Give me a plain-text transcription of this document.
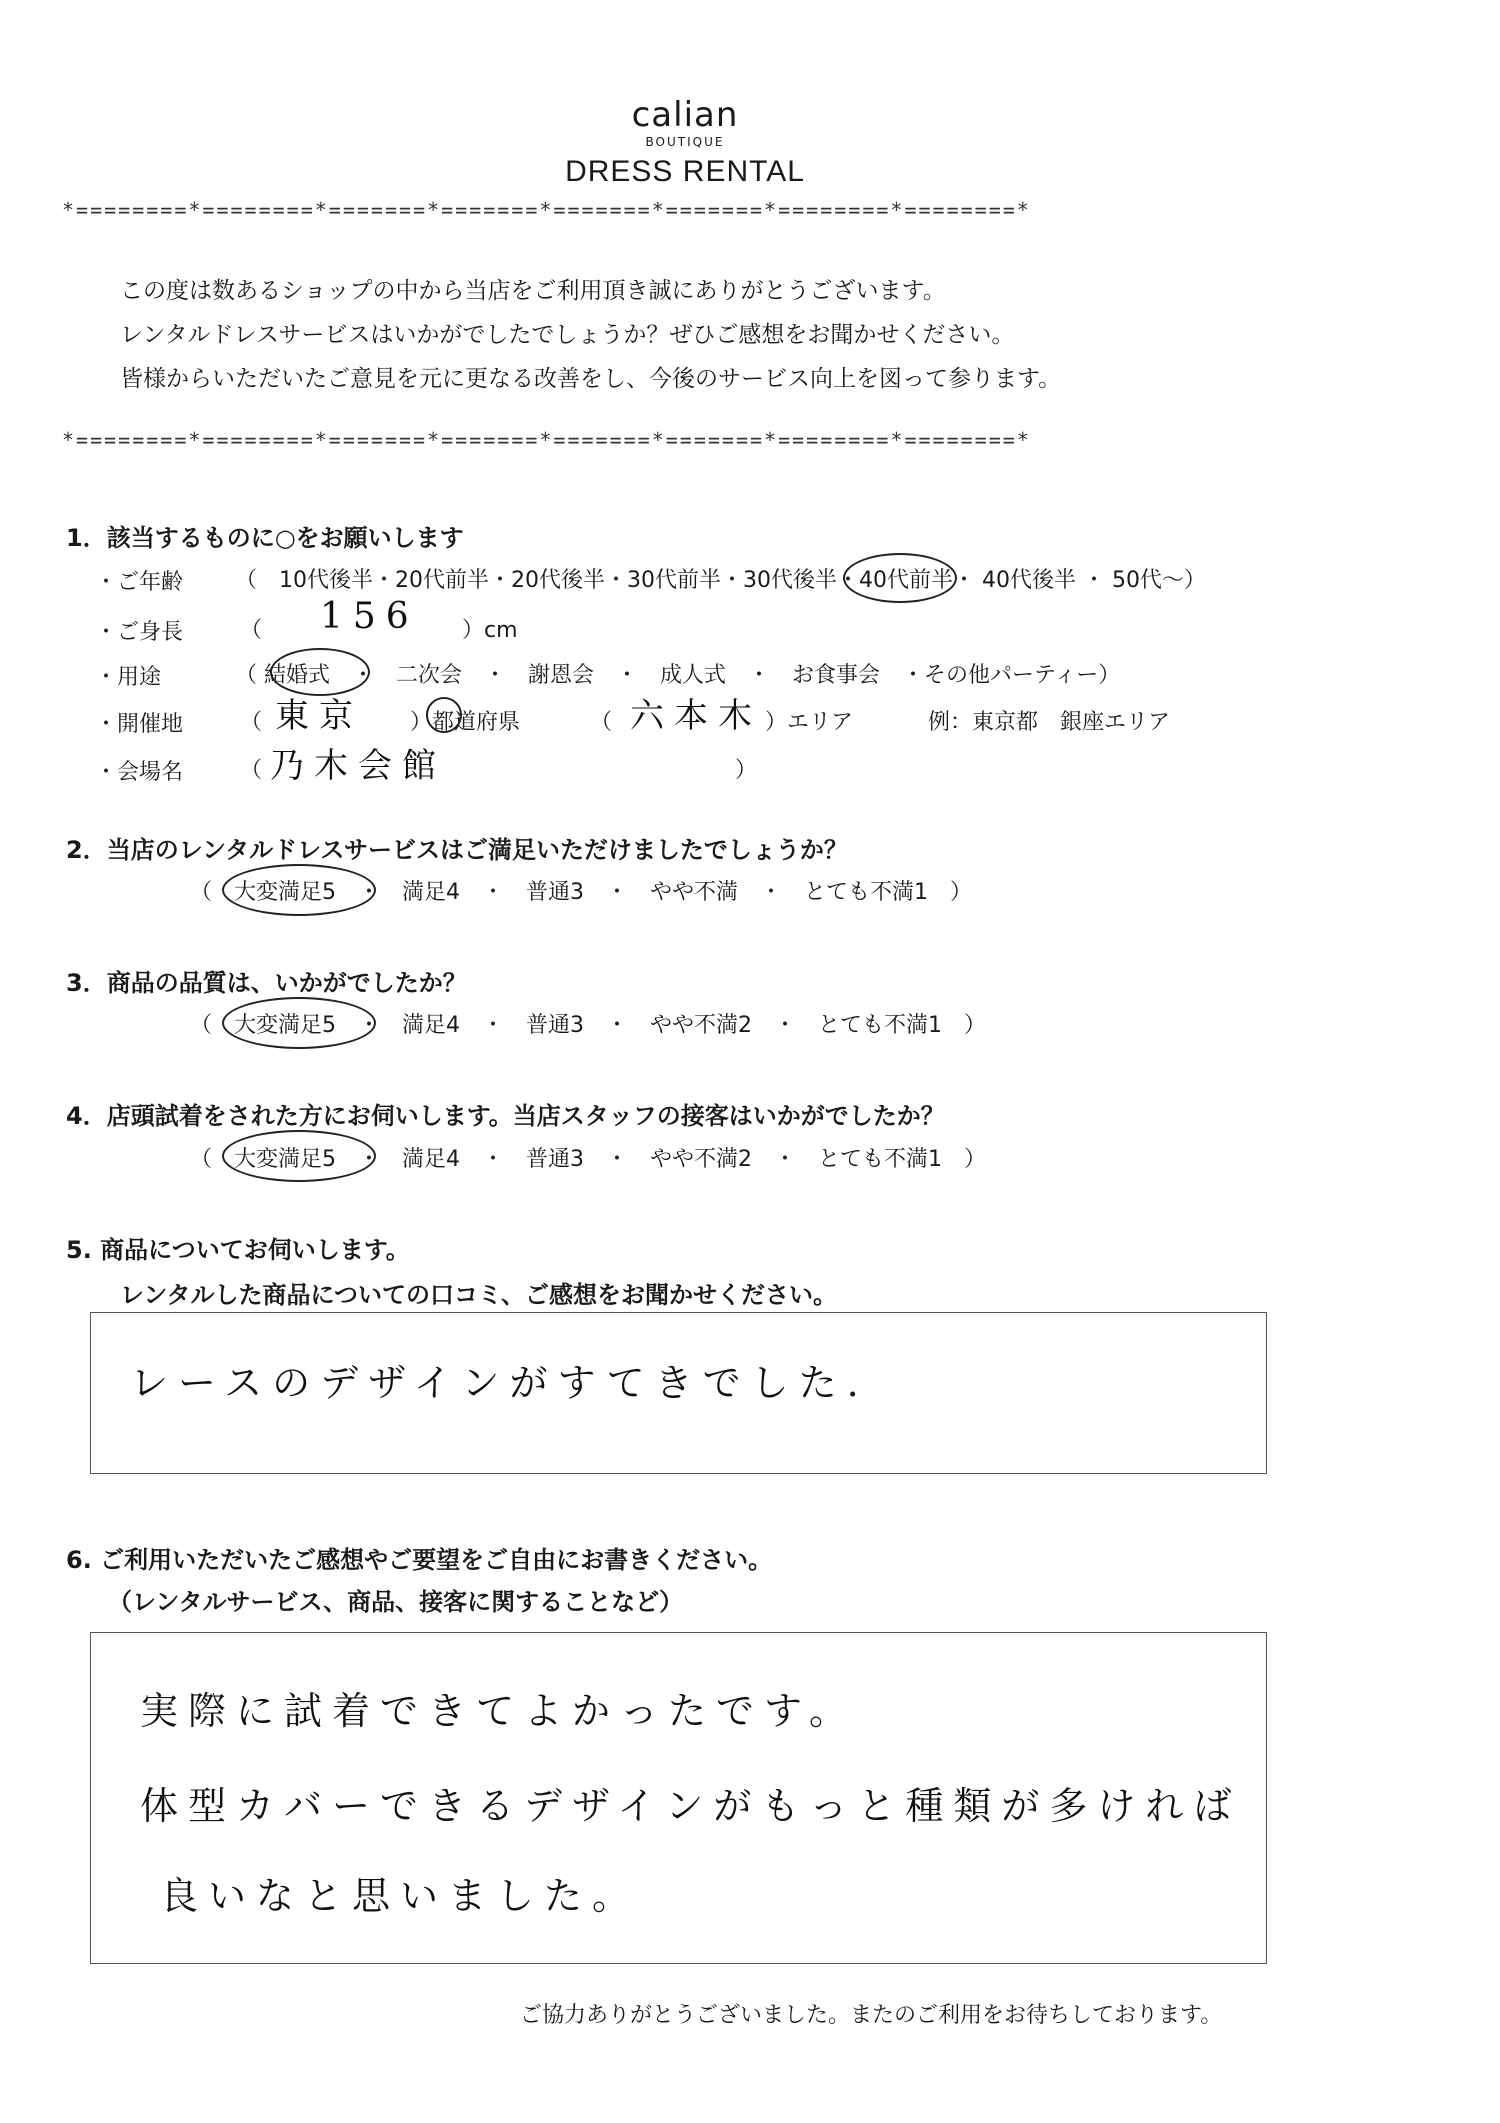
calian
BOUTIQUE
DRESS RENTAL
*========*========*=======*=======*=======*=======*========*========*
この度は数あるショップの中から当店をご利用頂き誠にありがとうございます。
レンタルドレスサービスはいかがでしたでしょうか？ぜひご感想をお聞かせください。
皆様からいただいたご意見を元に更なる改善をし、今後のサービス向上を図って参ります。
*========*========*=======*=======*=======*=======*========*========*
1．該当するものに○をお願いします
・ご年齢 （　10代後半・20代前半・20代後半・30代前半・30代後半・40代前半・ 40代後半 ・ 50代～）
・ご身長	（ 156 ）cm
・用途	（ 結婚式　・　二次会　・　謝恩会　・　成人式　・　お食事会　・その他パーティー）
・開催地	（ 東京 ）都道府県	（ 六本木 ）エリア	例：東京都　銀座エリア
・会場名	（ 乃木会館	）
2．当店のレンタルドレスサービスはご満足いただけましたでしょうか？
（　大変満足5　・　満足4　・　普通3　・　やや不満　・　とても不満1　）
3．商品の品質は、いかがでしたか？
（　大変満足5　・　満足4　・　普通3　・　やや不満2　・　とても不満1　）
4．店頭試着をされた方にお伺いします。当店スタッフの接客はいかがでしたか？
（　大変満足5　・　満足4　・　普通3　・　やや不満2　・　とても不満1　）
5. 商品についてお伺いします。
レンタルした商品についての口コミ、ご感想をお聞かせください。
レースのデザインがすてきでした.
6. ご利用いただいたご感想やご要望をご自由にお書きください。
（レンタルサービス、商品、接客に関することなど）
実際に試着できてよかったです。
体型カバーできるデザインがもっと種類が多ければ
良いなと思いました。
ご協力ありがとうございました。またのご利用をお待ちしております。
